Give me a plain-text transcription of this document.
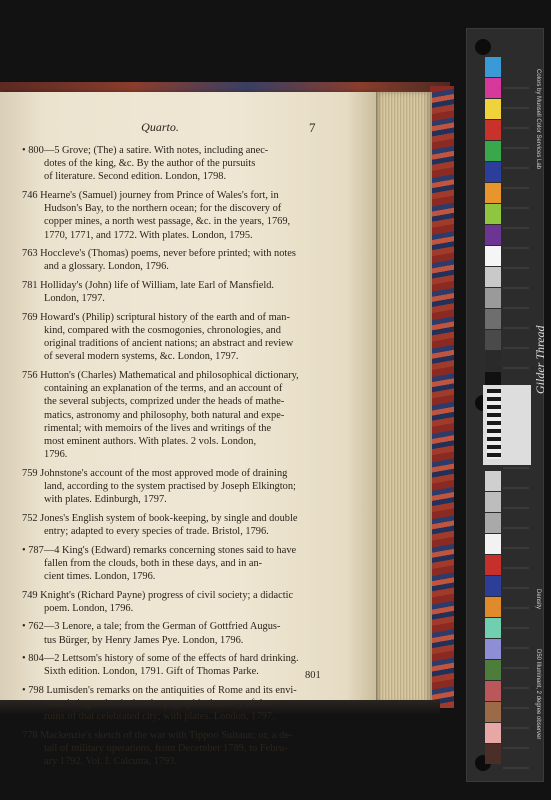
Quarto.	7
• 800—5 Grove; (The) a satire. With notes, including anec-
dotes of the king, &c. By the author of the pursuits
of literature. Second edition. London, 1798.
746 Hearne's (Samuel) journey from Prince of Wales's fort, in
Hudson's Bay, to the northern ocean; for the discovery of
copper mines, a north west passage, &c. in the years, 1769,
1770, 1771, and 1772. With plates. London, 1795.
763 Hoccleve's (Thomas) poems, never before printed; with notes
and a glossary. London, 1796.
781 Holliday's (John) life of William, late Earl of Mansfield.
London, 1797.
769 Howard's (Philip) scriptural history of the earth and of man-
kind, compared with the cosmogonies, chronologies, and
original traditions of ancient nations; an abstract and review
of several modern systems, &c. London, 1797.
756 Hutton's (Charles) Mathematical and philosophical dictionary,
containing an explanation of the terms, and an account of
the several subjects, comprized under the heads of mathe-
matics, astronomy and philosophy, both natural and expe-
rimental; with memoirs of the lives and writings of the
most eminent authors. With plates. 2 vols. London,
1796.
759 Johnstone's account of the most approved mode of draining
land, according to the system practised by Joseph Elkington;
with plates. Edinburgh, 1797.
752 Jones's English system of book-keeping, by single and double
entry; adapted to every species of trade. Bristol, 1796.
• 787—4 King's (Edward) remarks concerning stones said to have
fallen from the clouds, both in these days, and in an-
cient times. London, 1796.
749 Knight's (Richard Payne) progress of civil society; a didactic
poem. London, 1796.
• 762—3 Lenore, a tale; from the German of Gottfried Augus-
tus Bürger, by Henry James Pye. London, 1796.
• 804—2 Lettsom's history of some of the effects of hard drinking.
Sixth edition. London, 1791. Gift of Thomas Parke.
• 798 Lumisden's remarks on the antiquities of Rome and its envi-
rons; being a classical and topographical survey of the
ruins of that celebrated city; with plates. London, 1797.
778 Mackenzie's sketch of the war with Tippoo Sultaun; or, a de-
tail of military operations, from December 1789, to Febru-
ary 1792. Vol. I. Calcutta, 1793.
801
Gilder Thread
Colors by Munsell Color Services Lab
Density
D50 Illuminant, 2 degree observer
